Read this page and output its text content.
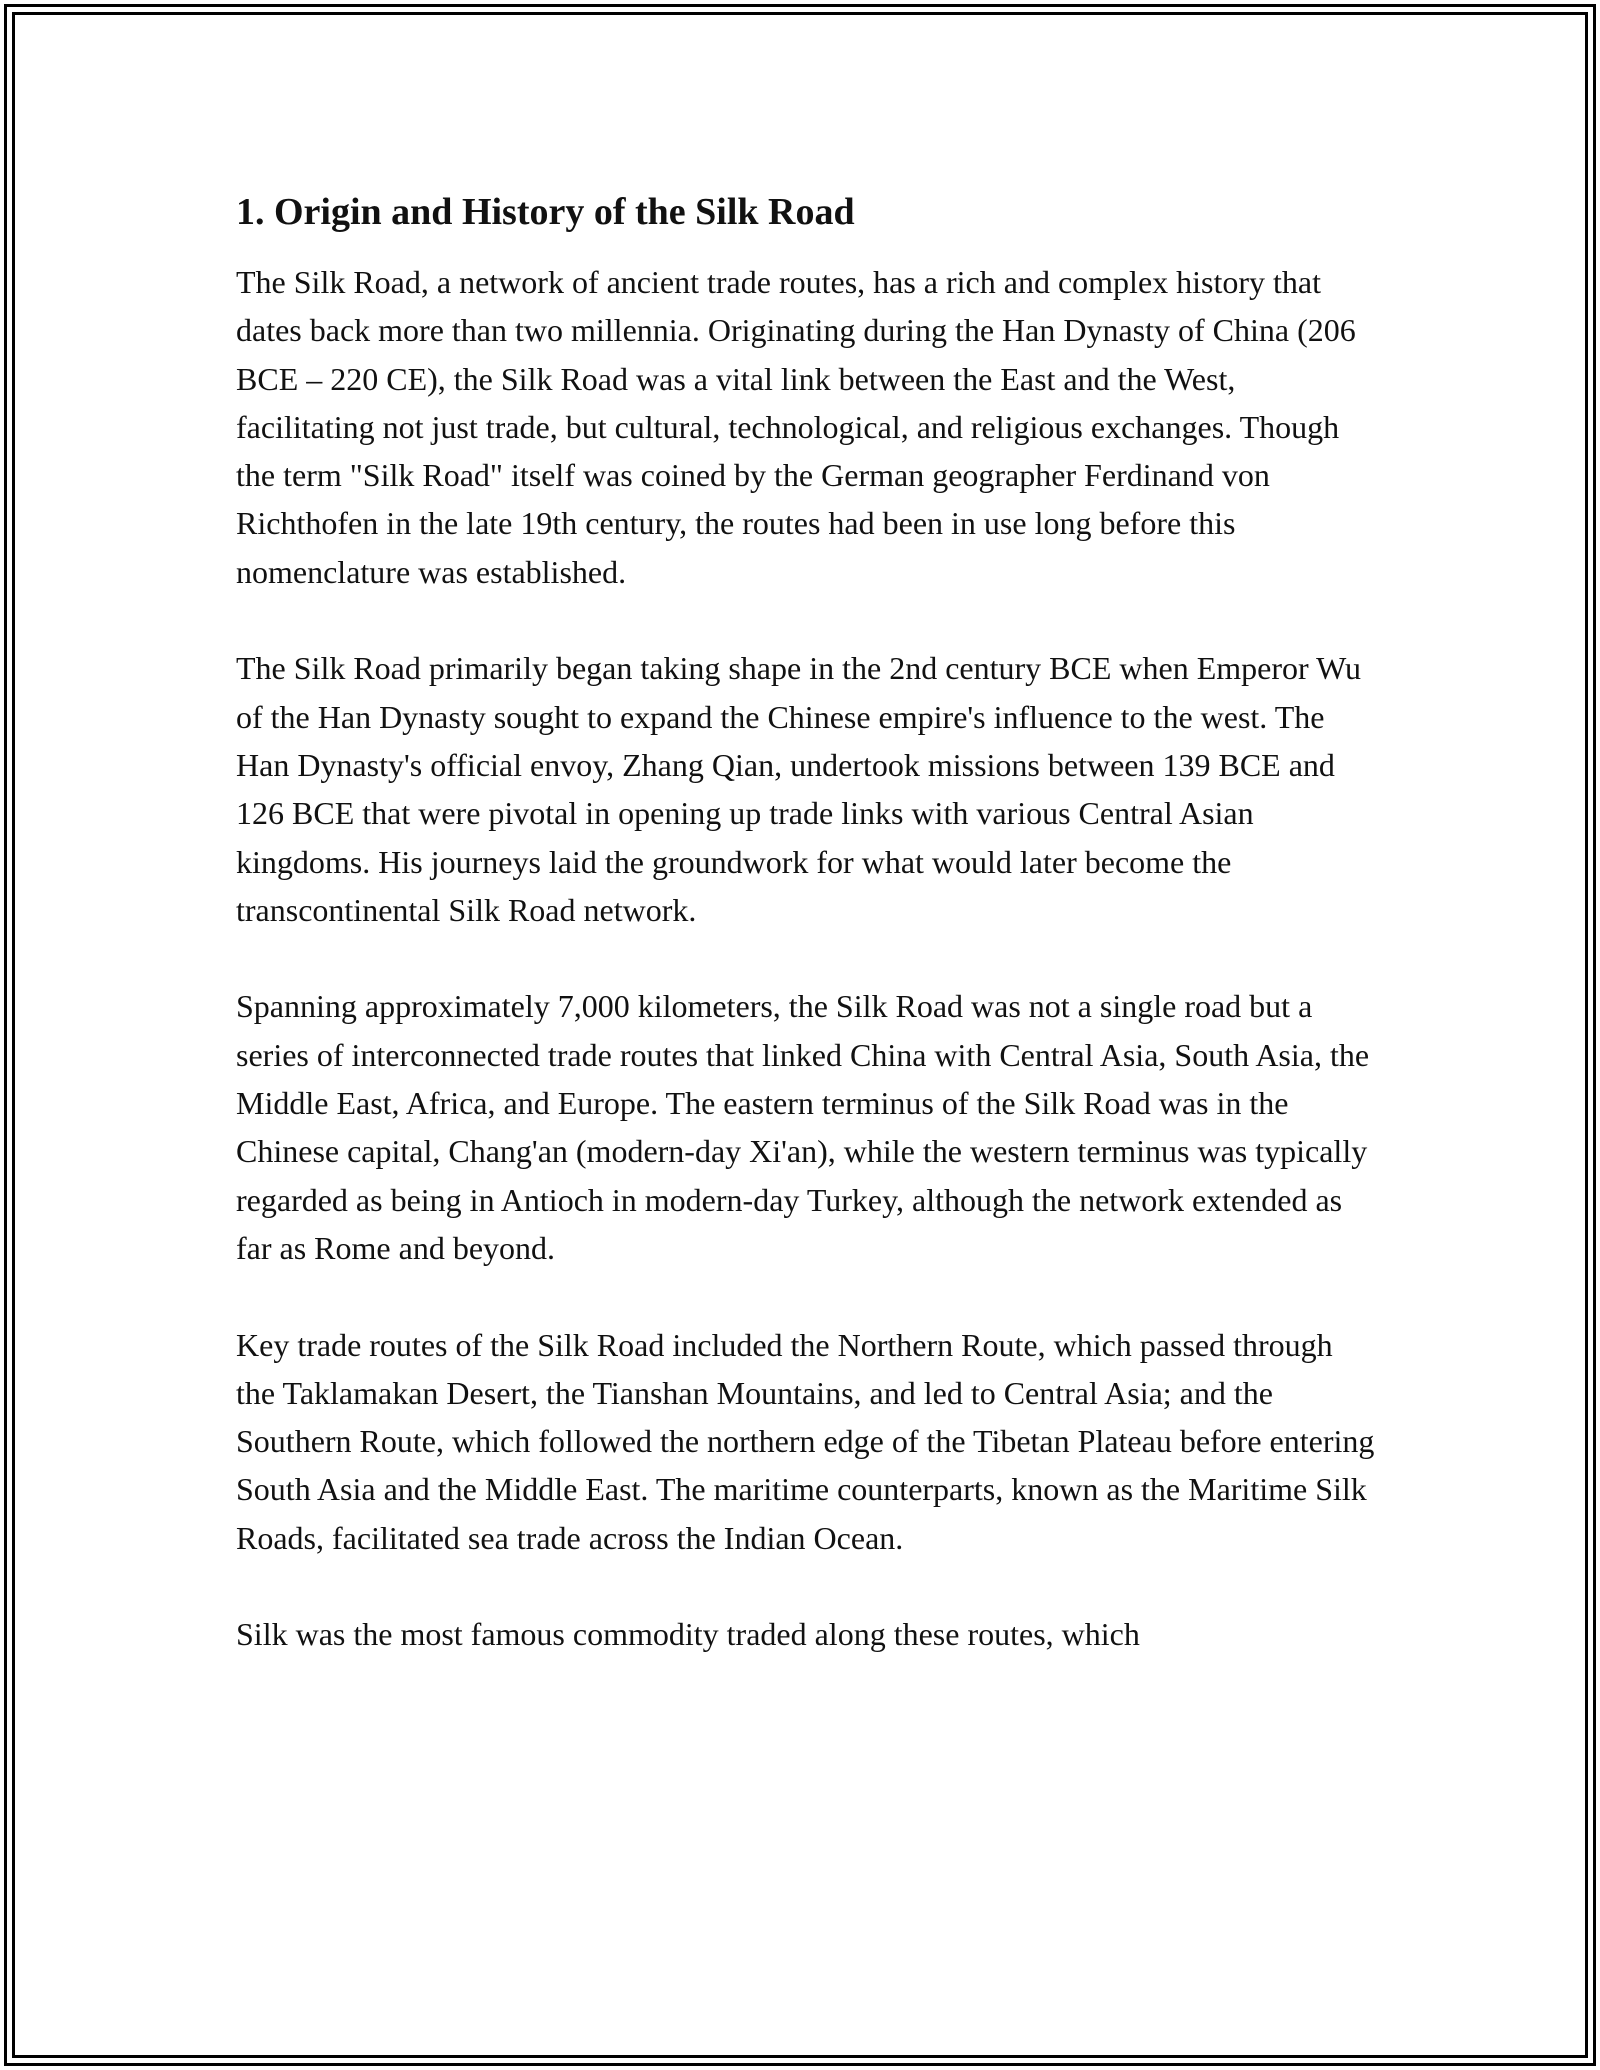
1. Origin and History of the Silk Road

The Silk Road, a network of ancient trade routes, has a rich and complex history that dates back more than two millennia. Originating during the Han Dynasty of China (206 BCE – 220 CE), the Silk Road was a vital link between the East and the West, facilitating not just trade, but cultural, technological, and religious exchanges. Though the term "Silk Road" itself was coined by the German geographer Ferdinand von Richthofen in the late 19th century, the routes had been in use long before this nomenclature was established.

The Silk Road primarily began taking shape in the 2nd century BCE when Emperor Wu of the Han Dynasty sought to expand the Chinese empire's influence to the west. The Han Dynasty's official envoy, Zhang Qian, undertook missions between 139 BCE and 126 BCE that were pivotal in opening up trade links with various Central Asian kingdoms. His journeys laid the groundwork for what would later become the transcontinental Silk Road network.

Spanning approximately 7,000 kilometers, the Silk Road was not a single road but a series of interconnected trade routes that linked China with Central Asia, South Asia, the Middle East, Africa, and Europe. The eastern terminus of the Silk Road was in the Chinese capital, Chang'an (modern-day Xi'an), while the western terminus was typically regarded as being in Antioch in modern-day Turkey, although the network extended as far as Rome and beyond.

Key trade routes of the Silk Road included the Northern Route, which passed through the Taklamakan Desert, the Tianshan Mountains, and led to Central Asia; and the Southern Route, which followed the northern edge of the Tibetan Plateau before entering South Asia and the Middle East. The maritime counterparts, known as the Maritime Silk Roads, facilitated sea trade across the Indian Ocean.

Silk was the most famous commodity traded along these routes, which
